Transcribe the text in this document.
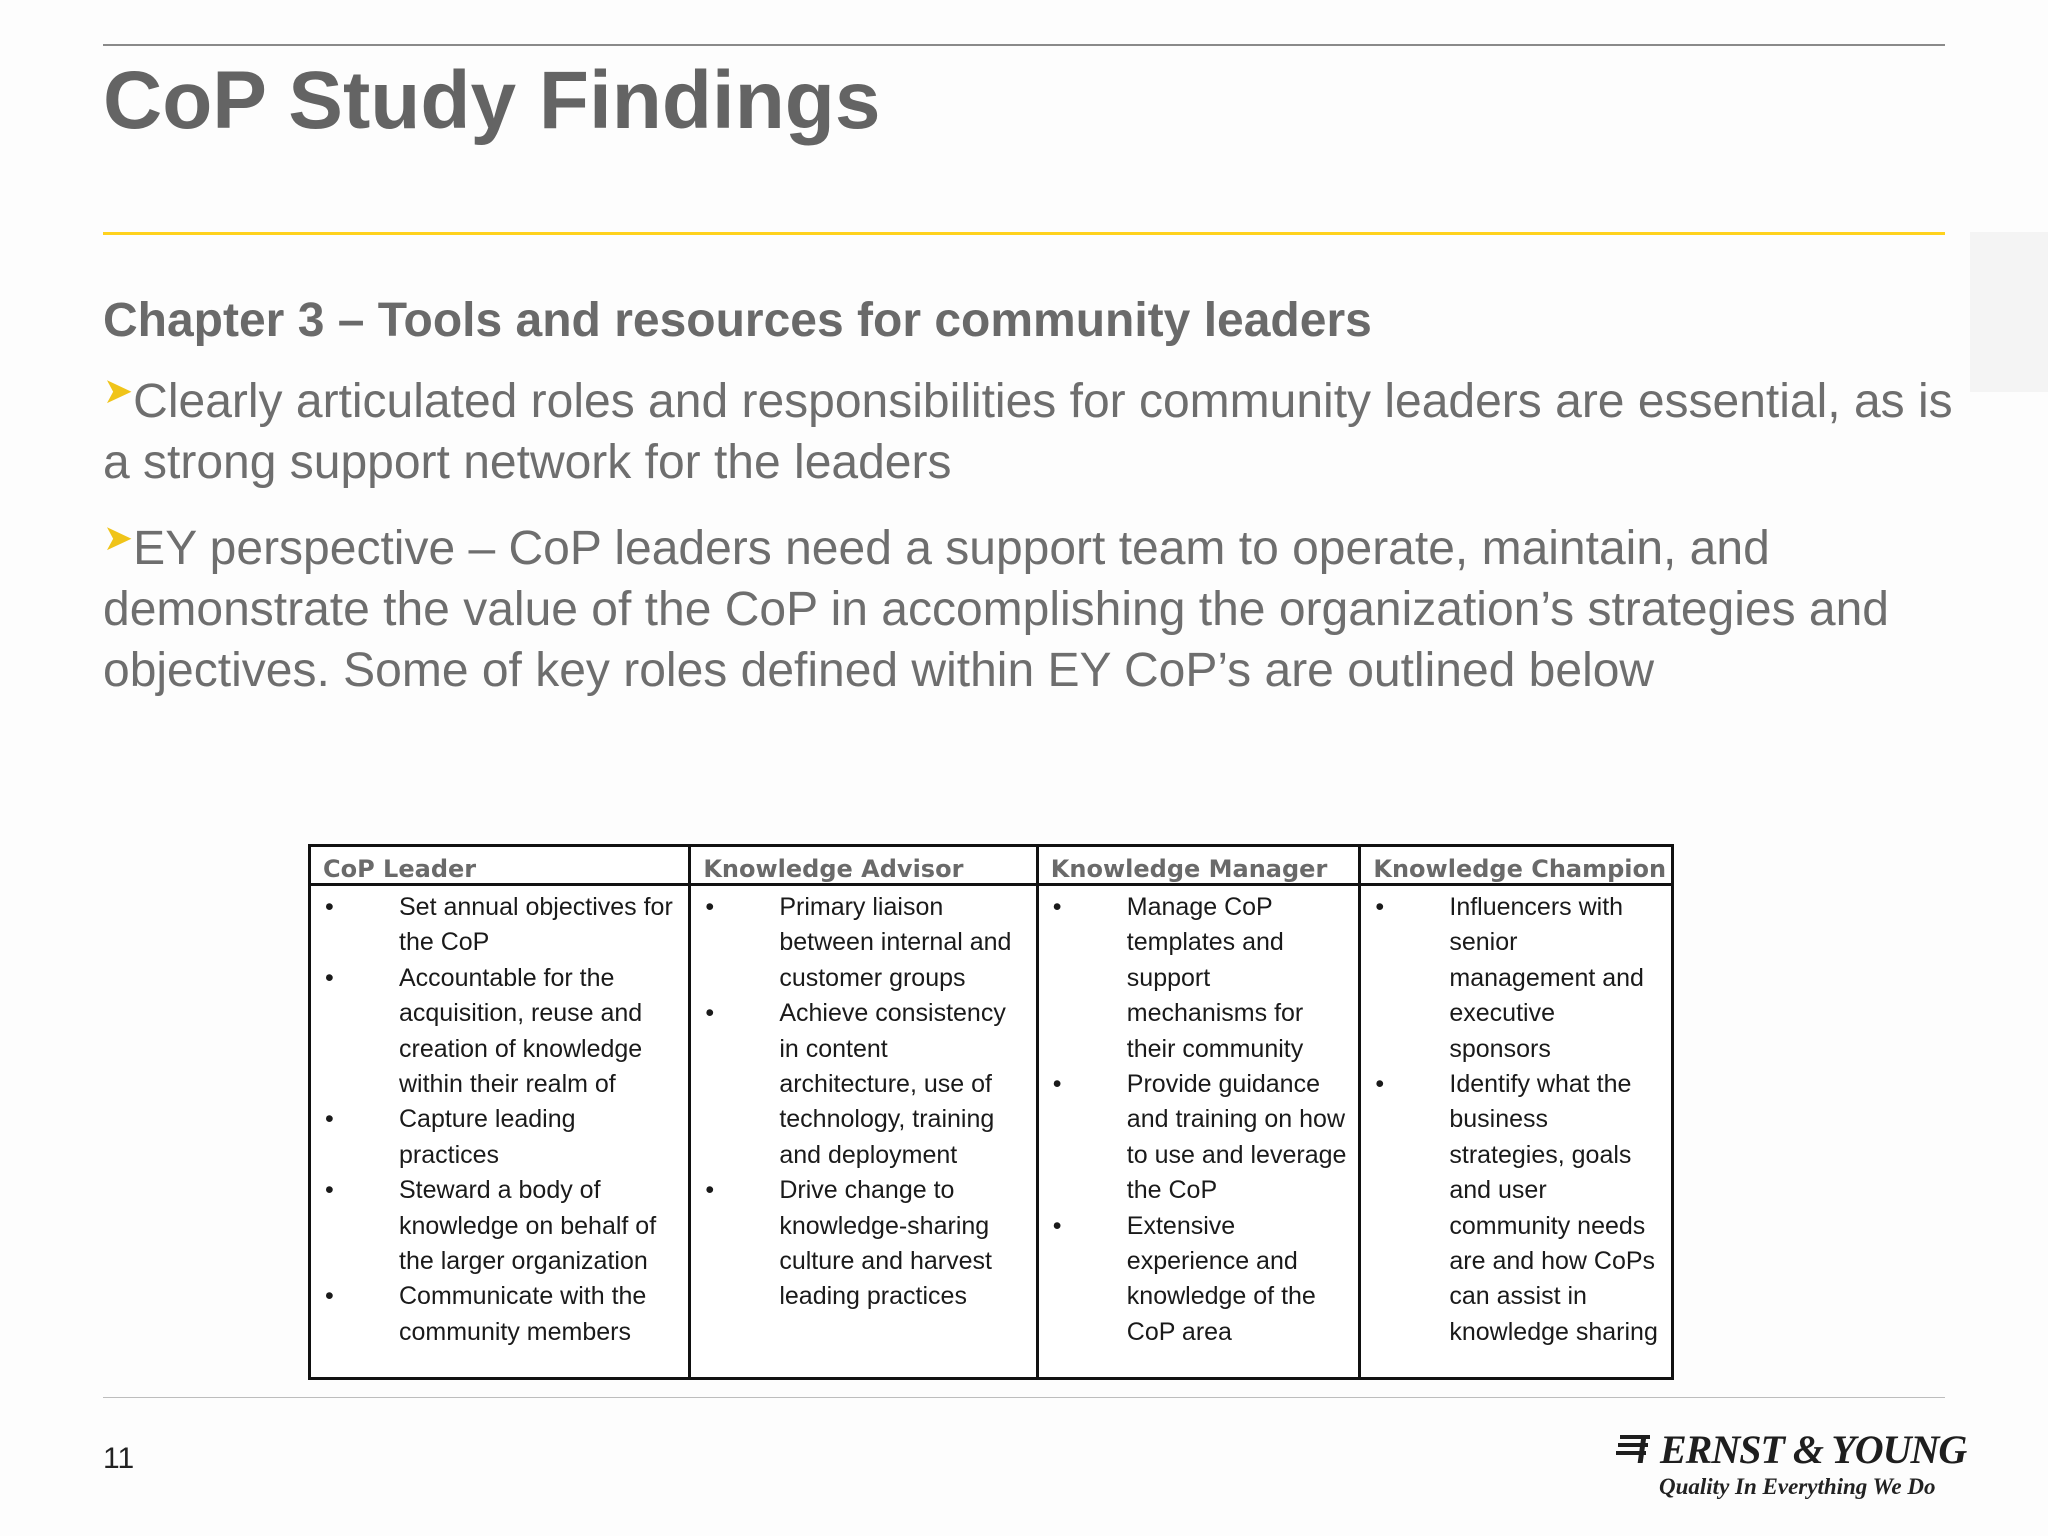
CoP Study Findings
Chapter 3 – Tools and resources for community leaders
➤Clearly articulated roles and responsibilities for community leaders are essential, as is a strong support network for the leaders
➤EY perspective – CoP leaders need a support team to operate, maintain, and demonstrate the value of the CoP in accomplishing the organization’s strategies and objectives. Some of key roles defined within EY CoP’s are outlined below
CoP Leader
•	Set annual objectives for the CoP
•	Accountable for the acquisition, reuse and creation of knowledge within their realm of
•	Capture leading practices
•	Steward a body of knowledge on behalf of the larger organization
•	Communicate with the community members
Knowledge Advisor
•	Primary liaison between internal and customer groups
•	Achieve consistency in content architecture, use of technology, training and deployment
•	Drive change to knowledge-sharing culture and harvest leading practices
Knowledge Manager
•	Manage CoP templates and support mechanisms for their community
•	Provide guidance and training on how to use and leverage the CoP
•	Extensive experience and knowledge of the CoP area
Knowledge Champion
•	Influencers with senior management and executive sponsors
•	Identify what the business strategies, goals and user community needs are and how CoPs can assist in knowledge sharing
11	ERNST & YOUNG
Quality In Everything We Do
